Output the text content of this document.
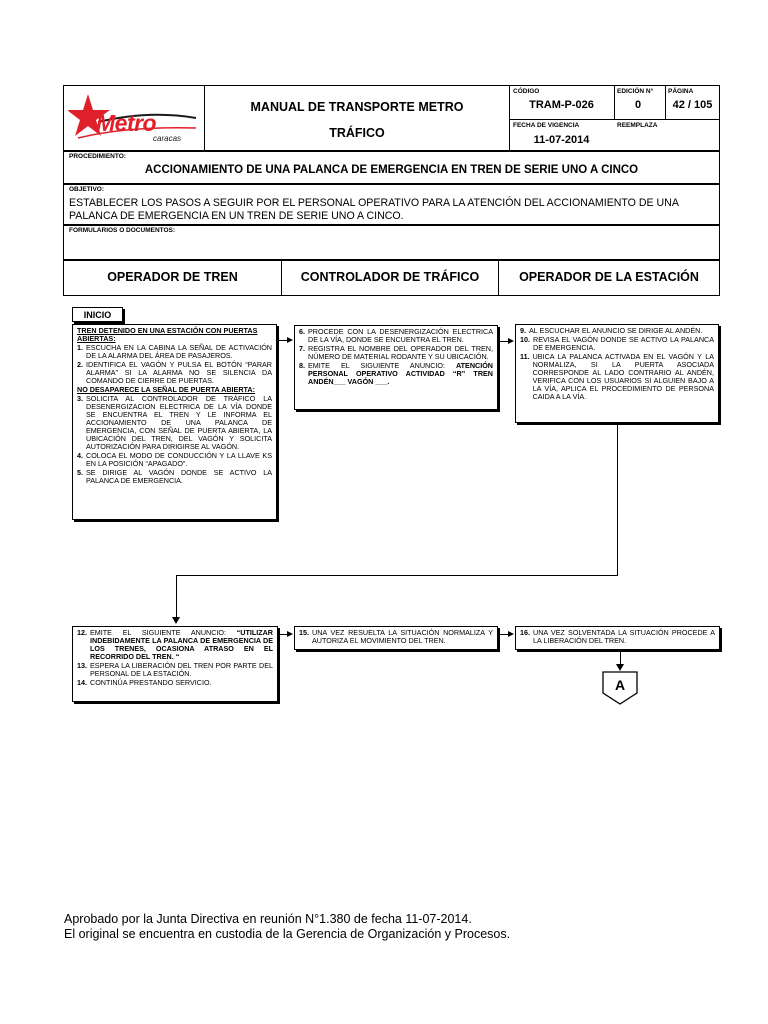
Metro
caracas
MANUAL DE TRANSPORTE METRO
TRÁFICO
CÓDIGO
TRAM-P-026
EDICIÓN N°
0
PÁGINA
42 / 105
FECHA DE VIGENCIA
11-07-2014
REEMPLAZA
PROCEDIMIENTO:
ACCIONAMIENTO DE UNA PALANCA DE EMERGENCIA EN TREN DE SERIE UNO A CINCO
OBJETIVO:
ESTABLECER LOS PASOS A SEGUIR POR EL PERSONAL OPERATIVO PARA LA ATENCIÓN DEL ACCIONAMIENTO DE UNA PALANCA DE EMERGENCIA EN UN TREN DE SERIE UNO A CINCO.
FORMULARIOS O DOCUMENTOS:
OPERADOR DE TREN	CONTROLADOR DE TRÁFICO	OPERADOR DE LA ESTACIÓN
INICIO
TREN DETENIDO EN UNA ESTACIÓN CON PUERTAS ABIERTAS:
1. ESCUCHA EN LA CABINA LA SEÑAL DE ACTIVACIÓN DE LA ALARMA DEL ÁREA DE PASAJEROS.
2. IDENTIFICA EL VAGÓN Y PULSA EL BOTÓN “PARAR ALARMA” SI LA ALARMA NO SE SILENCIA DA COMANDO DE CIERRE DE PUERTAS.
NO DESAPARECE LA SEÑAL DE PUERTA ABIERTA:
3. SOLICITA AL CONTROLADOR DE TRÁFICO LA DESENERGIZACION ELECTRICA DE LA VÍA DONDE SE ENCUENTRA EL TREN Y LE INFORMA EL ACCIONAMIENTO DE UNA PALANCA DE EMERGENCIA, CON SEÑAL DE PUERTA ABIERTA, LA UBICACIÓN DEL TREN, DEL VAGÓN Y SOLICITA AUTORIZACIÓN PARA DIRIGIRSE AL VAGÓN.
4. COLOCA EL MODO DE CONDUCCIÓN Y LA LLAVE KS EN LA POSICIÓN “APAGADO”.
5. SE DIRIGE AL VAGÓN DONDE SE ACTIVO LA PALANCA DE EMERGENCIA.
6. PROCEDE CON LA DESENERGIZACIÓN ELECTRICA DE LA VÍA, DONDE SE ENCUENTRA EL TREN.
7. REGISTRA EL NOMBRE DEL OPERADOR DEL TREN, NÚMERO DE MATERIAL RODANTE Y SU UBICACIÓN.
8. EMITE EL SIGUIENTE ANUNCIO: ATENCIÓN PERSONAL OPERATIVO ACTIVIDAD “R” TREN ANDÉN___ VAGÓN ___.
9. AL ESCUCHAR EL ANUNCIO SE DIRIGE AL ANDÉN.
10. REVISA EL VAGÓN DONDE SE ACTIVO LA PALANCA DE EMERGENCIA.
11. UBICA LA PALANCA ACTIVADA EN EL VAGÓN Y LA NORMALIZA, SI LA PUERTA ASOCIADA CORRESPONDE AL LADO CONTRARIO AL ANDÉN, VERIFICA CON LOS USUARIOS SI ALGUIEN BAJO A LA VÍA, APLICA EL PROCEDIMIENTO DE PERSONA CAIDA A LA VÍA.
12. EMITE EL SIGUIENTE ANUNCIO: “UTILIZAR INDEBIDAMENTE LA PALANCA DE EMERGENCIA DE LOS TRENES, OCASIONA ATRASO EN EL RECORRIDO DEL TREN. “
13. ESPERA LA LIBERACIÓN DEL TREN POR PARTE DEL PERSONAL DE LA ESTACIÓN.
14. CONTINÚA PRESTANDO SERVICIO.
15. UNA VEZ RESUELTA LA SITUACIÓN NORMALIZA Y AUTORIZA EL MOVIMIENTO DEL TREN.
16. UNA VEZ SOLVENTADA LA SITUACIÓN PROCEDE A LA LIBERACIÓN DEL TREN.
A
Aprobado por la Junta Directiva en reunión N°1.380 de fecha 11-07-2014.
El original se encuentra en custodia de la Gerencia de Organización y Procesos.
